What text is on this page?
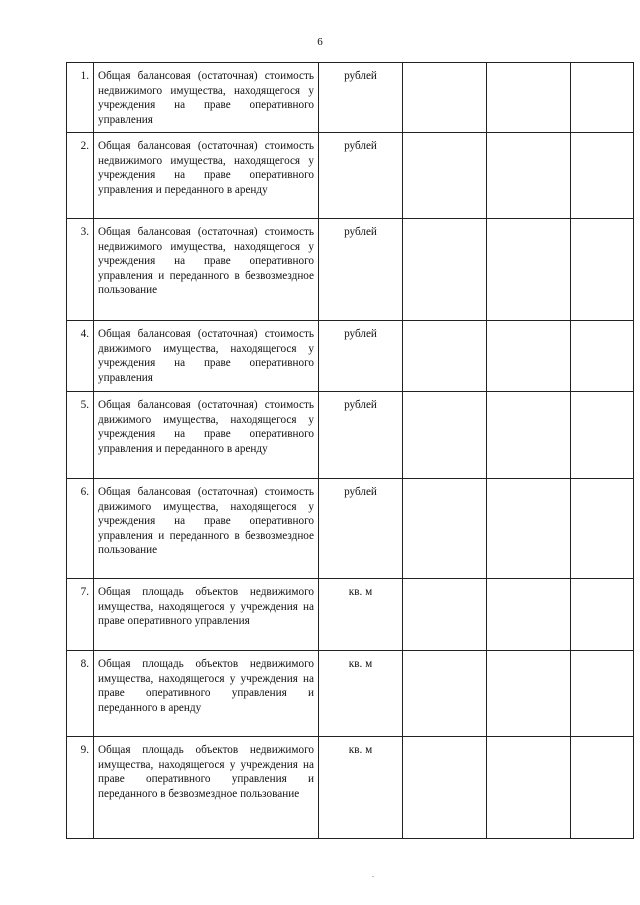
6
1.	Общая балансовая (остаточная) стоимость недвижимого имущества, находящегося у учреждения на праве оперативного управления	рублей			
2.	Общая балансовая (остаточная) стоимость недвижимого имущества, находящегося у учреждения на праве оперативного управления и переданного в аренду	рублей			
3.	Общая балансовая (остаточная) стоимость недвижимого имущества, находящегося у учреждения на праве оперативного управления и переданного в безвозмездное пользование	рублей			
4.	Общая балансовая (остаточная) стоимость движимого имущества, находящегося у учреждения на праве оперативного управления	рублей			
5.	Общая балансовая (остаточная) стоимость движимого имущества, находящегося у учреждения на праве оперативного управления и переданного в аренду	рублей			
6.	Общая балансовая (остаточная) стоимость движимого имущества, находящегося у учреждения на праве оперативного управления и переданного в безвозмездное пользование	рублей			
7.	Общая площадь объектов недвижимого имущества, находящегося у учреждения на праве оперативного управления	кв. м			
8.	Общая площадь объектов недвижимого имущества, находящегося у учреждения на праве оперативного управления и переданного в аренду	кв. м			
9.	Общая площадь объектов недвижимого имущества, находящегося у учреждения на праве оперативного управления и переданного в безвозмездное пользование	кв. м			
